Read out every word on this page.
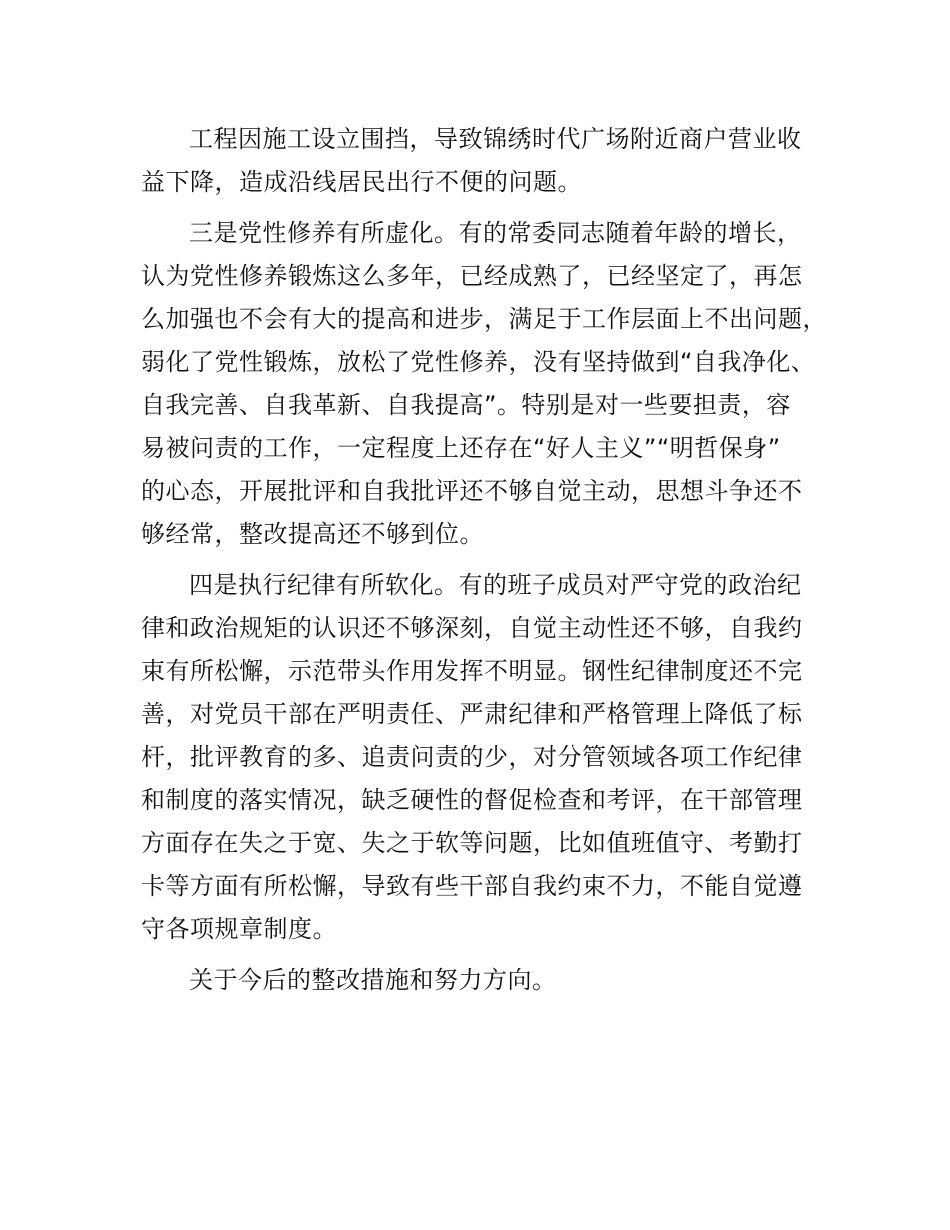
工程因施工设立围挡，导致锦绣时代广场附近商户营业收
益下降，造成沿线居民出行不便的问题。
三是党性修养有所虚化。有的常委同志随着年龄的增长，
认为党性修养锻炼这么多年，已经成熟了，已经坚定了，再怎
么加强也不会有大的提高和进步，满足于工作层面上不出问题，
弱化了党性锻炼，放松了党性修养，没有坚持做到“自我净化、
自我完善、自我革新、自我提高”。特别是对一些要担责，容
易被问责的工作，一定程度上还存在“好人主义”“明哲保身”
的心态，开展批评和自我批评还不够自觉主动，思想斗争还不
够经常，整改提高还不够到位。
四是执行纪律有所软化。有的班子成员对严守党的政治纪
律和政治规矩的认识还不够深刻，自觉主动性还不够，自我约
束有所松懈，示范带头作用发挥不明显。钢性纪律制度还不完
善，对党员干部在严明责任、严肃纪律和严格管理上降低了标
杆，批评教育的多、追责问责的少，对分管领域各项工作纪律
和制度的落实情况，缺乏硬性的督促检查和考评，在干部管理
方面存在失之于宽、失之于软等问题，比如值班值守、考勤打
卡等方面有所松懈，导致有些干部自我约束不力，不能自觉遵
守各项规章制度。
关于今后的整改措施和努力方向。
